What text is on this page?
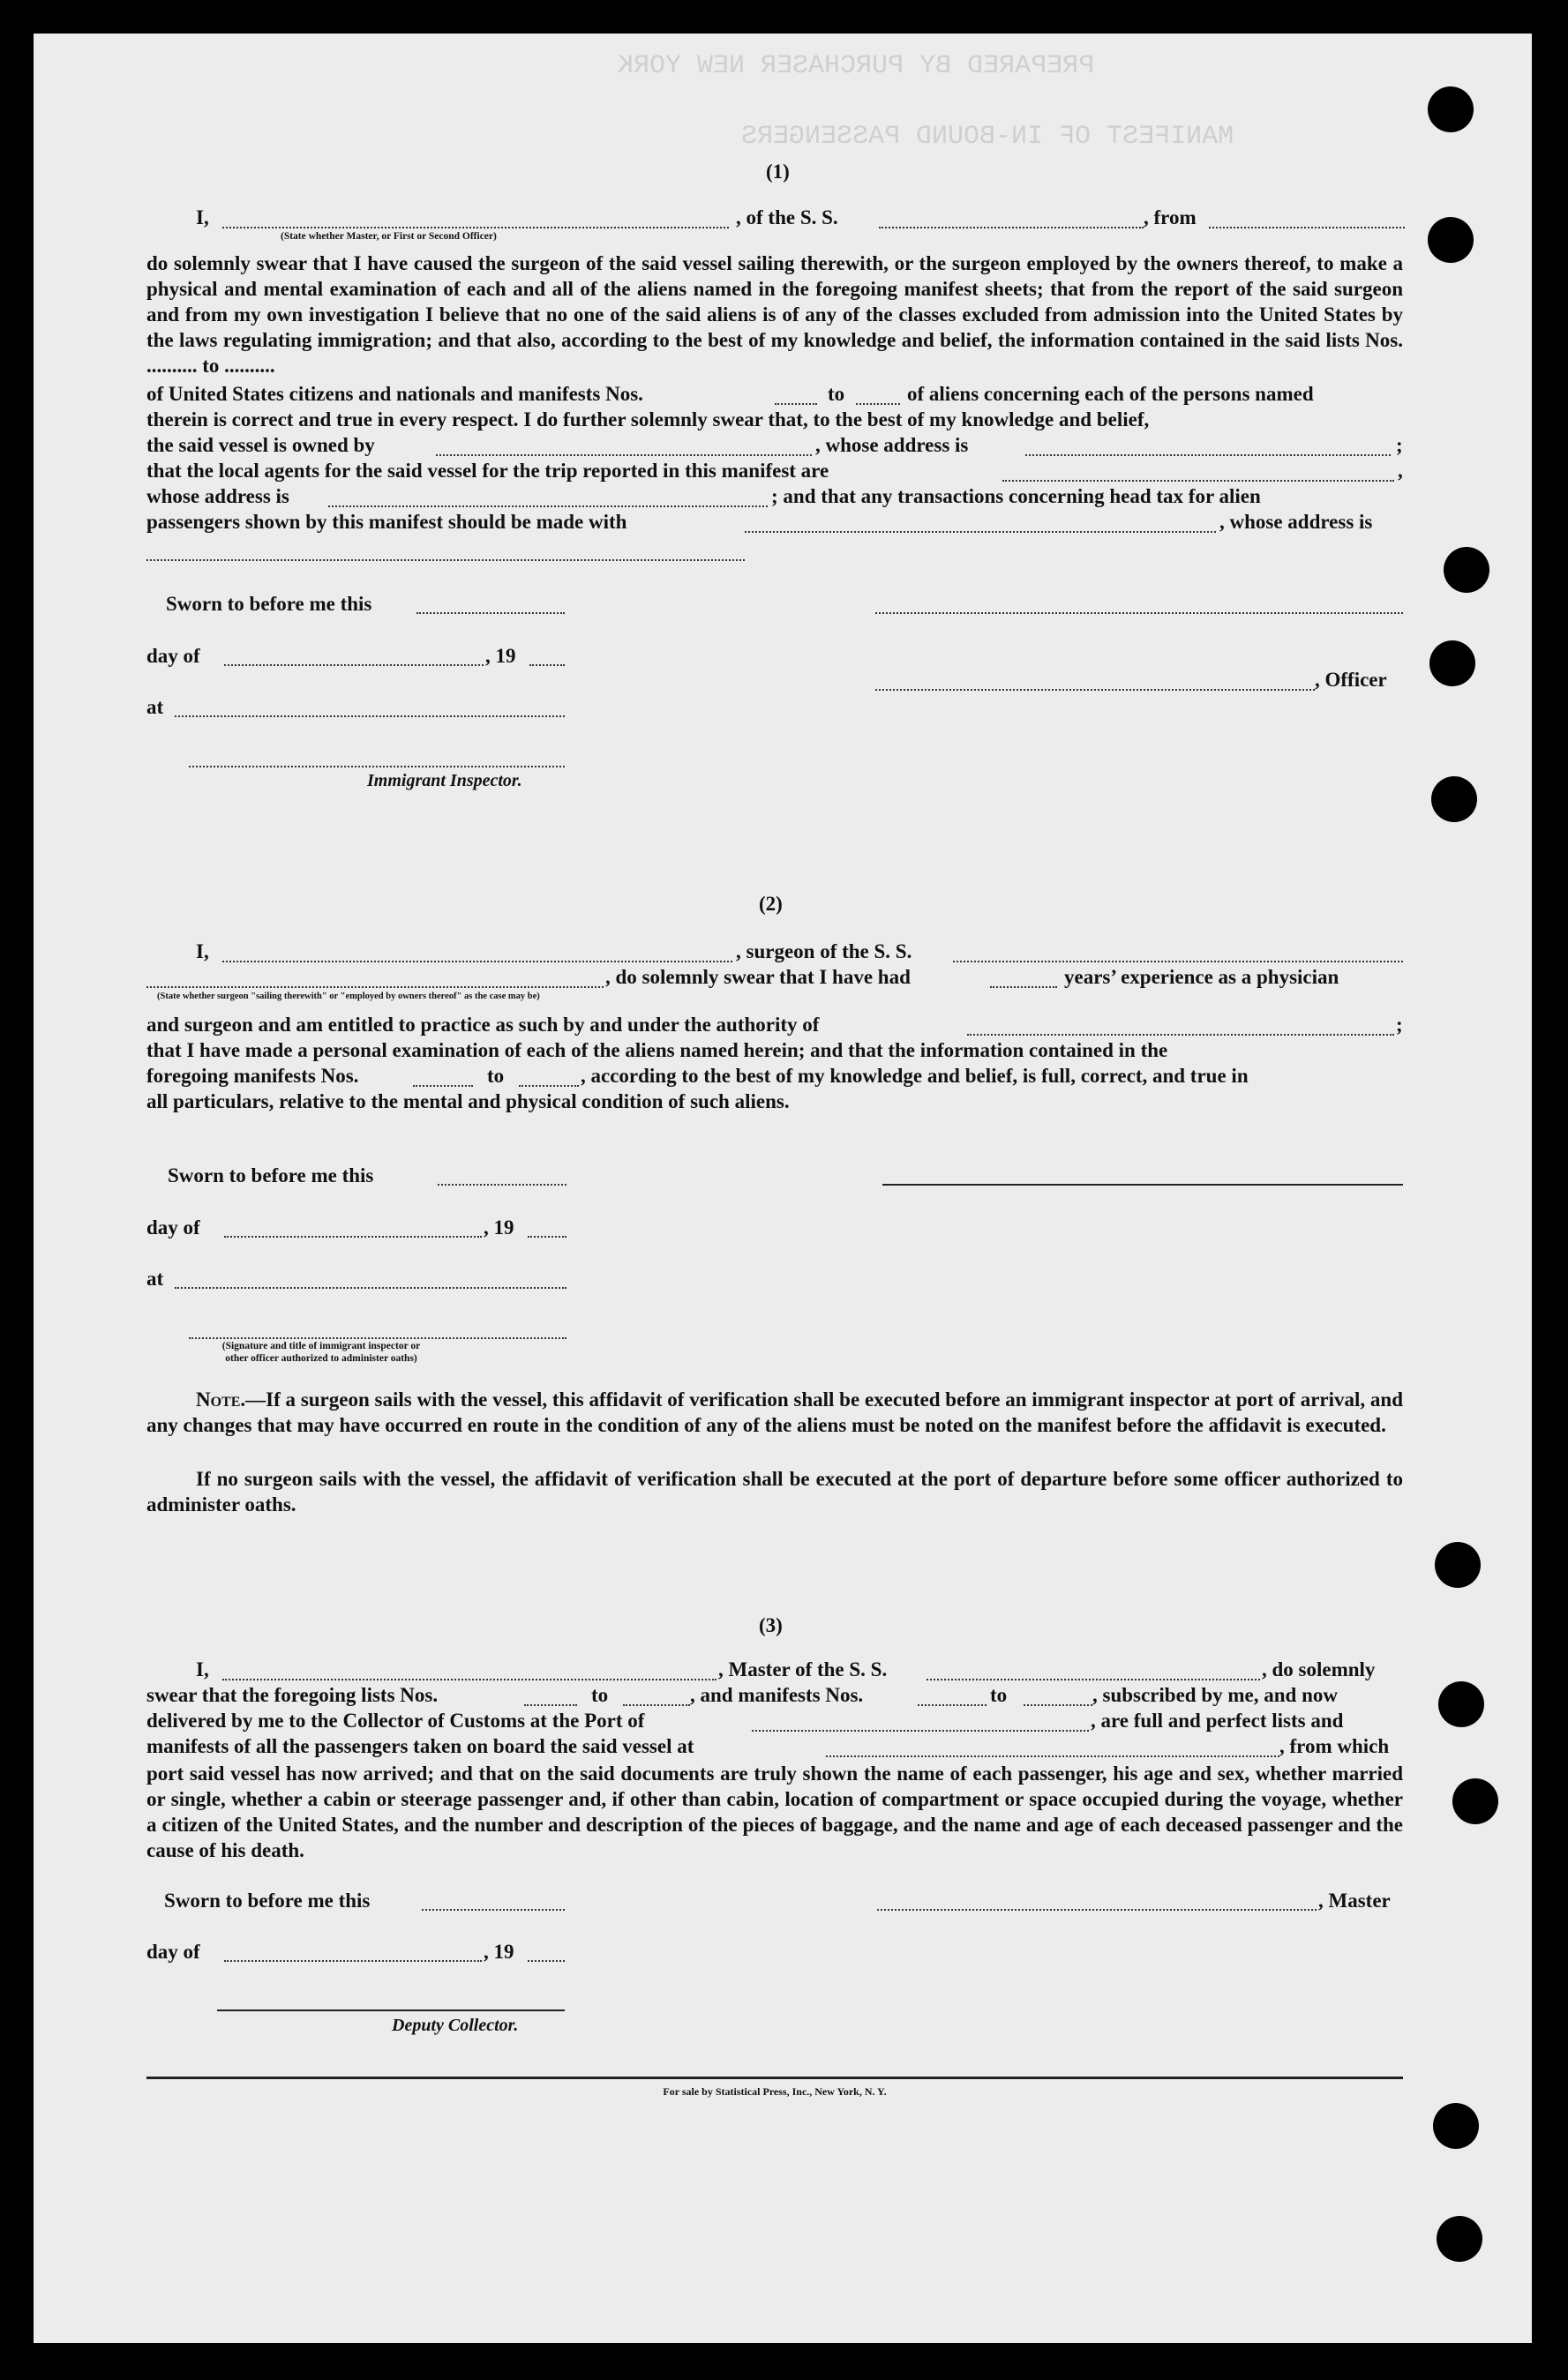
PREPARED BY PURCHASER NEW YORK
MANIFEST OF IN-BOUND PASSENGERS
(1)
I,	, of the S. S.	, from
(State whether Master, or First or Second Officer)
do solemnly swear that I have caused the surgeon of the said vessel sailing therewith, or the surgeon employed by the owners thereof, to make a physical and mental examination of each and all of the aliens named in the foregoing manifest sheets; that from the report of the said surgeon and from my own investigation I believe that no one of the said aliens is of any of the classes excluded from admission into the United States by the laws regulating immigration; and that also, according to the best of my knowledge and belief, the information contained in the said lists Nos. .......... to ..........
of United States citizens and nationals and manifests Nos.	to	of aliens concerning each of the persons named
therein is correct and true in every respect. I do further solemnly swear that, to the best of my knowledge and belief,
the said vessel is owned by	, whose address is	;
that the local agents for the said vessel for the trip reported in this manifest are	,
whose address is	; and that any transactions concerning head tax for alien
passengers shown by this manifest should be made with	, whose address is
Sworn to before me this
day of	, 19
, Officer
at
Immigrant Inspector.
(2)
I,	, surgeon of the S. S.
, do solemnly swear that I have had	years’ experience as a physician
(State whether surgeon "sailing therewith" or "employed by owners thereof" as the case may be)
and surgeon and am entitled to practice as such by and under the authority of	;
that I have made a personal examination of each of the aliens named herein; and that the information contained in the
foregoing manifests Nos.	to	, according to the best of my knowledge and belief, is full, correct, and true in
all particulars, relative to the mental and physical condition of such aliens.
Sworn to before me this
day of	, 19
at
(Signature and title of immigrant inspector or
other officer authorized to administer oaths)
Note.—If a surgeon sails with the vessel, this affidavit of verification shall be executed before an immigrant inspector at port of arrival, and any changes that may have occurred en route in the condition of any of the aliens must be noted on the manifest before the affidavit is executed.
If no surgeon sails with the vessel, the affidavit of verification shall be executed at the port of departure before some officer authorized to administer oaths.
(3)
I,	, Master of the S. S.	, do solemnly
swear that the foregoing lists Nos.	to	, and manifests Nos.	to	, subscribed by me, and now
delivered by me to the Collector of Customs at the Port of	, are full and perfect lists and
manifests of all the passengers taken on board the said vessel at	, from which
port said vessel has now arrived; and that on the said documents are truly shown the name of each passenger, his age and sex, whether married or single, whether a cabin or steerage passenger and, if other than cabin, location of compartment or space occupied during the voyage, whether a citizen of the United States, and the number and description of the pieces of baggage, and the name and age of each deceased passenger and the cause of his death.
Sworn to before me this	, Master
day of	, 19
Deputy Collector.
For sale by Statistical Press, Inc., New York, N. Y.
